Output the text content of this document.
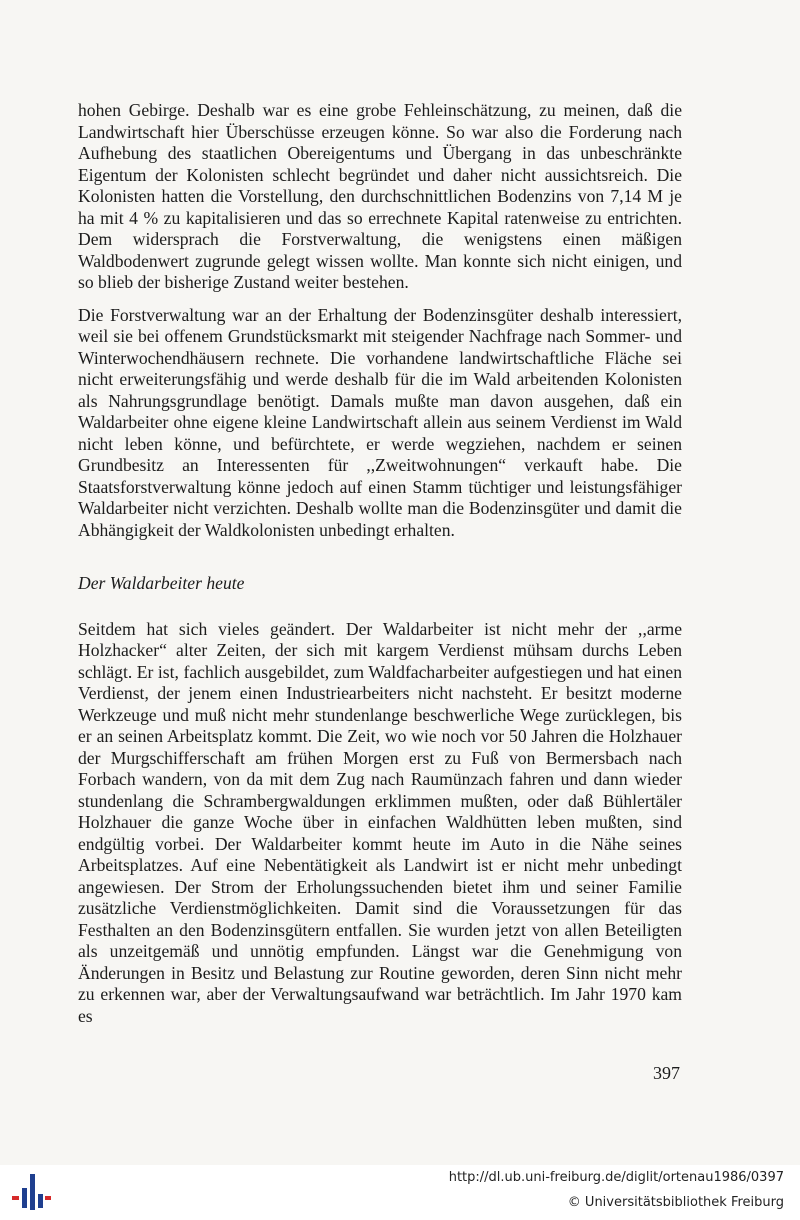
hohen Gebirge. Deshalb war es eine grobe Fehleinschätzung, zu meinen, daß die Landwirtschaft hier Überschüsse erzeugen könne. So war also die Forderung nach Aufhebung des staatlichen Obereigentums und Übergang in das unbeschränkte Eigentum der Kolonisten schlecht begründet und daher nicht aussichtsreich. Die Kolonisten hatten die Vorstellung, den durchschnittlichen Bodenzins von 7,14 M je ha mit 4 % zu kapitalisieren und das so errechnete Kapital ratenweise zu entrichten. Dem widersprach die Forstverwaltung, die wenigstens einen mäßigen Waldbodenwert zugrunde gelegt wissen wollte. Man konnte sich nicht einigen, und so blieb der bisherige Zustand weiter bestehen.

Die Forstverwaltung war an der Erhaltung der Bodenzinsgüter deshalb interessiert, weil sie bei offenem Grundstücksmarkt mit steigender Nachfrage nach Sommer- und Winterwochendhäusern rechnete. Die vorhandene landwirtschaftliche Fläche sei nicht erweiterungsfähig und werde deshalb für die im Wald arbeitenden Kolonisten als Nahrungsgrundlage benötigt. Damals mußte man davon ausgehen, daß ein Waldarbeiter ohne eigene kleine Landwirtschaft allein aus seinem Verdienst im Wald nicht leben könne, und befürchtete, er werde wegziehen, nachdem er seinen Grundbesitz an Interessenten für ,,Zweitwohnungen“ verkauft habe. Die Staatsforstverwaltung könne jedoch auf einen Stamm tüchtiger und leistungsfähiger Waldarbeiter nicht verzichten. Deshalb wollte man die Bodenzinsgüter und damit die Abhängigkeit der Waldkolonisten unbedingt erhalten.

Der Waldarbeiter heute

Seitdem hat sich vieles geändert. Der Waldarbeiter ist nicht mehr der ,,arme Holzhacker“ alter Zeiten, der sich mit kargem Verdienst mühsam durchs Leben schlägt. Er ist, fachlich ausgebildet, zum Waldfacharbeiter aufgestiegen und hat einen Verdienst, der jenem einen Industriearbeiters nicht nachsteht. Er besitzt moderne Werkzeuge und muß nicht mehr stundenlange beschwerliche Wege zurücklegen, bis er an seinen Arbeitsplatz kommt. Die Zeit, wo wie noch vor 50 Jahren die Holzhauer der Murgschifferschaft am frühen Morgen erst zu Fuß von Bermersbach nach Forbach wandern, von da mit dem Zug nach Raumünzach fahren und dann wieder stundenlang die Schrambergwaldungen erklimmen mußten, oder daß Bühlertäler Holzhauer die ganze Woche über in einfachen Waldhütten leben mußten, sind endgültig vorbei. Der Waldarbeiter kommt heute im Auto in die Nähe seines Arbeitsplatzes. Auf eine Nebentätigkeit als Landwirt ist er nicht mehr unbedingt angewiesen. Der Strom der Erholungssuchenden bietet ihm und seiner Familie zusätzliche Verdienstmöglichkeiten. Damit sind die Voraussetzungen für das Festhalten an den Bodenzinsgütern entfallen. Sie wurden jetzt von allen Beteiligten als unzeitgemäß und unnötig empfunden. Längst war die Genehmigung von Änderungen in Besitz und Belastung zur Routine geworden, deren Sinn nicht mehr zu erkennen war, aber der Verwaltungsaufwand war beträchtlich. Im Jahr 1970 kam es

397
http://dl.ub.uni-freiburg.de/diglit/ortenau1986/0397
© Universitätsbibliothek Freiburg
